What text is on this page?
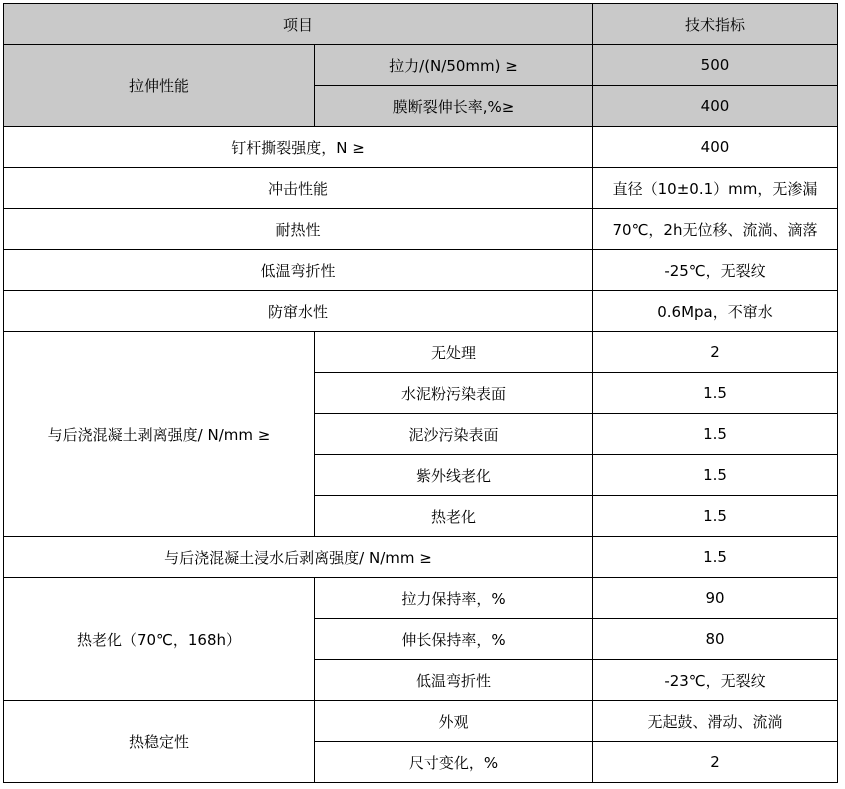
项目		技术指标
拉伸性能	拉力/(N/50mm) ≥	500
	膜断裂伸长率,%≥	400
钉杆撕裂强度，N ≥		400
冲击性能		直径（10±0.1）mm，无渗漏
耐热性		70℃，2h无位移、流淌、滴落
低温弯折性		-25℃，无裂纹
防窜水性		0.6Mpa，不窜水
与后浇混凝土剥离强度/ N/mm ≥	无处理	2
	水泥粉污染表面	1.5
	泥沙污染表面	1.5
	紫外线老化	1.5
	热老化	1.5
与后浇混凝土浸水后剥离强度/ N/mm ≥		1.5
热老化（70℃，168h）	拉力保持率，%	90
	伸长保持率，%	80
	低温弯折性	-23℃，无裂纹
热稳定性	外观	无起鼓、滑动、流淌
	尺寸变化，%	2
